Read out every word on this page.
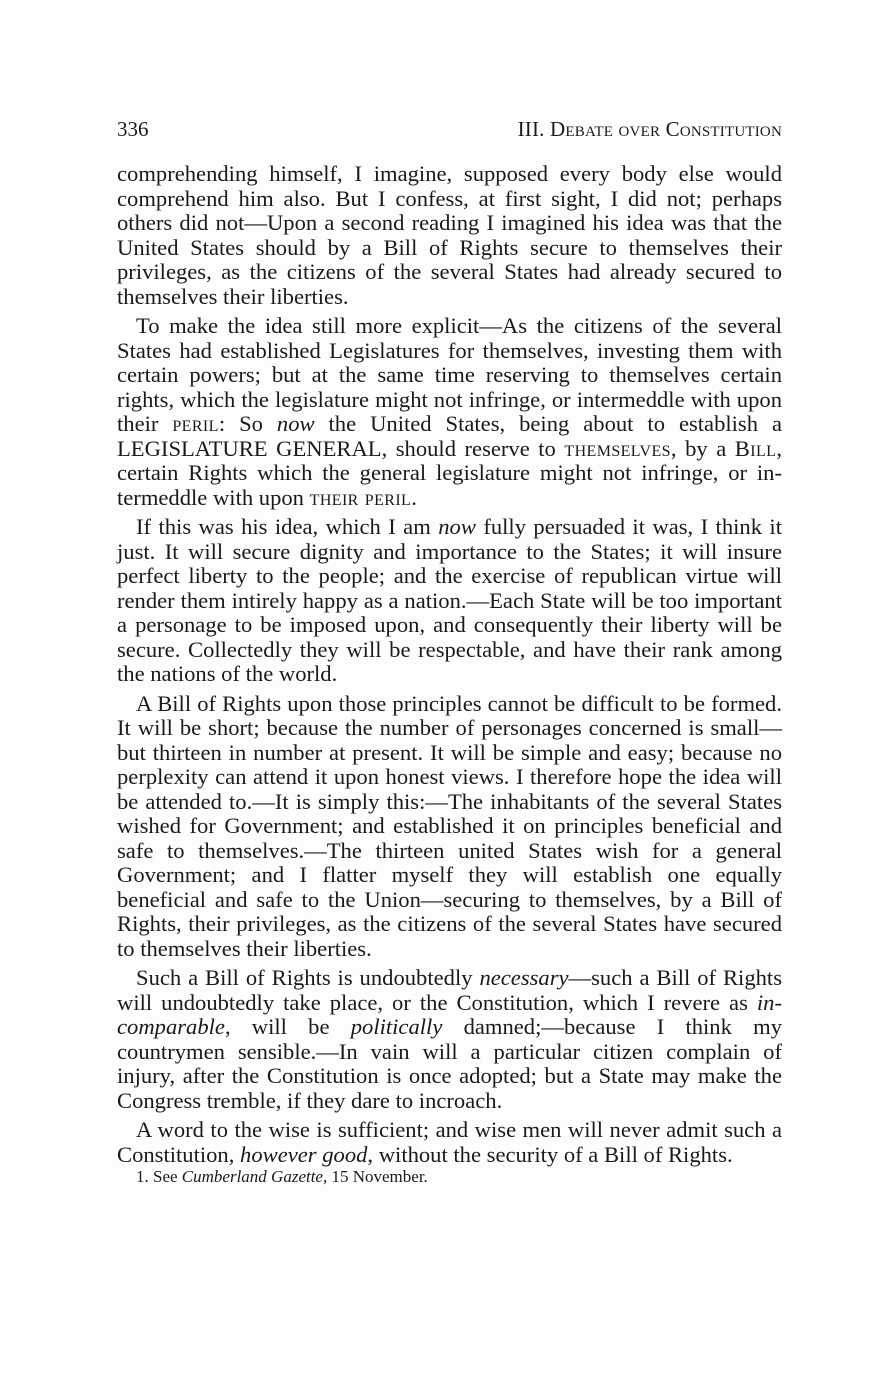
336	III. Debate over Constitution

comprehending himself, I imagine, supposed every body else would comprehend him also. But I confess, at first sight, I did not; perhaps others did not—Upon a second reading I imagined his idea was that the United States should by a Bill of Rights secure to themselves their privileges, as the citizens of the several States had already secured to themselves their liberties.

To make the idea still more explicit—As the citizens of the several States had established Legislatures for themselves, investing them with certain powers; but at the same time reserving to themselves certain rights, which the legislature might not infringe, or intermeddle with upon their peril: So now the United States, being about to establish a LEGISLATURE GENERAL, should reserve to themselves, by a Bill, certain Rights which the general legislature might not infringe, or intermeddle with upon their peril.

If this was his idea, which I am now fully persuaded it was, I think it just. It will secure dignity and importance to the States; it will insure perfect liberty to the people; and the exercise of republican virtue will render them intirely happy as a nation.—Each State will be too important a personage to be imposed upon, and consequently their liberty will be secure. Collectedly they will be respectable, and have their rank among the nations of the world.

A Bill of Rights upon those principles cannot be difficult to be formed. It will be short; because the number of personages concerned is small—but thirteen in number at present. It will be simple and easy; because no perplexity can attend it upon honest views. I therefore hope the idea will be attended to.—It is simply this:—The inhabitants of the several States wished for Government; and established it on principles beneficial and safe to themselves.—The thirteen united States wish for a general Government; and I flatter myself they will establish one equally beneficial and safe to the Union—securing to themselves, by a Bill of Rights, their privileges, as the citizens of the several States have secured to themselves their liberties.

Such a Bill of Rights is undoubtedly necessary—such a Bill of Rights will undoubtedly take place, or the Constitution, which I revere as incomparable, will be politically damned;—because I think my countrymen sensible.—In vain will a particular citizen complain of injury, after the Constitution is once adopted; but a State may make the Congress tremble, if they dare to incroach.

A word to the wise is sufficient; and wise men will never admit such a Constitution, however good, without the security of a Bill of Rights.

1. See Cumberland Gazette, 15 November.
